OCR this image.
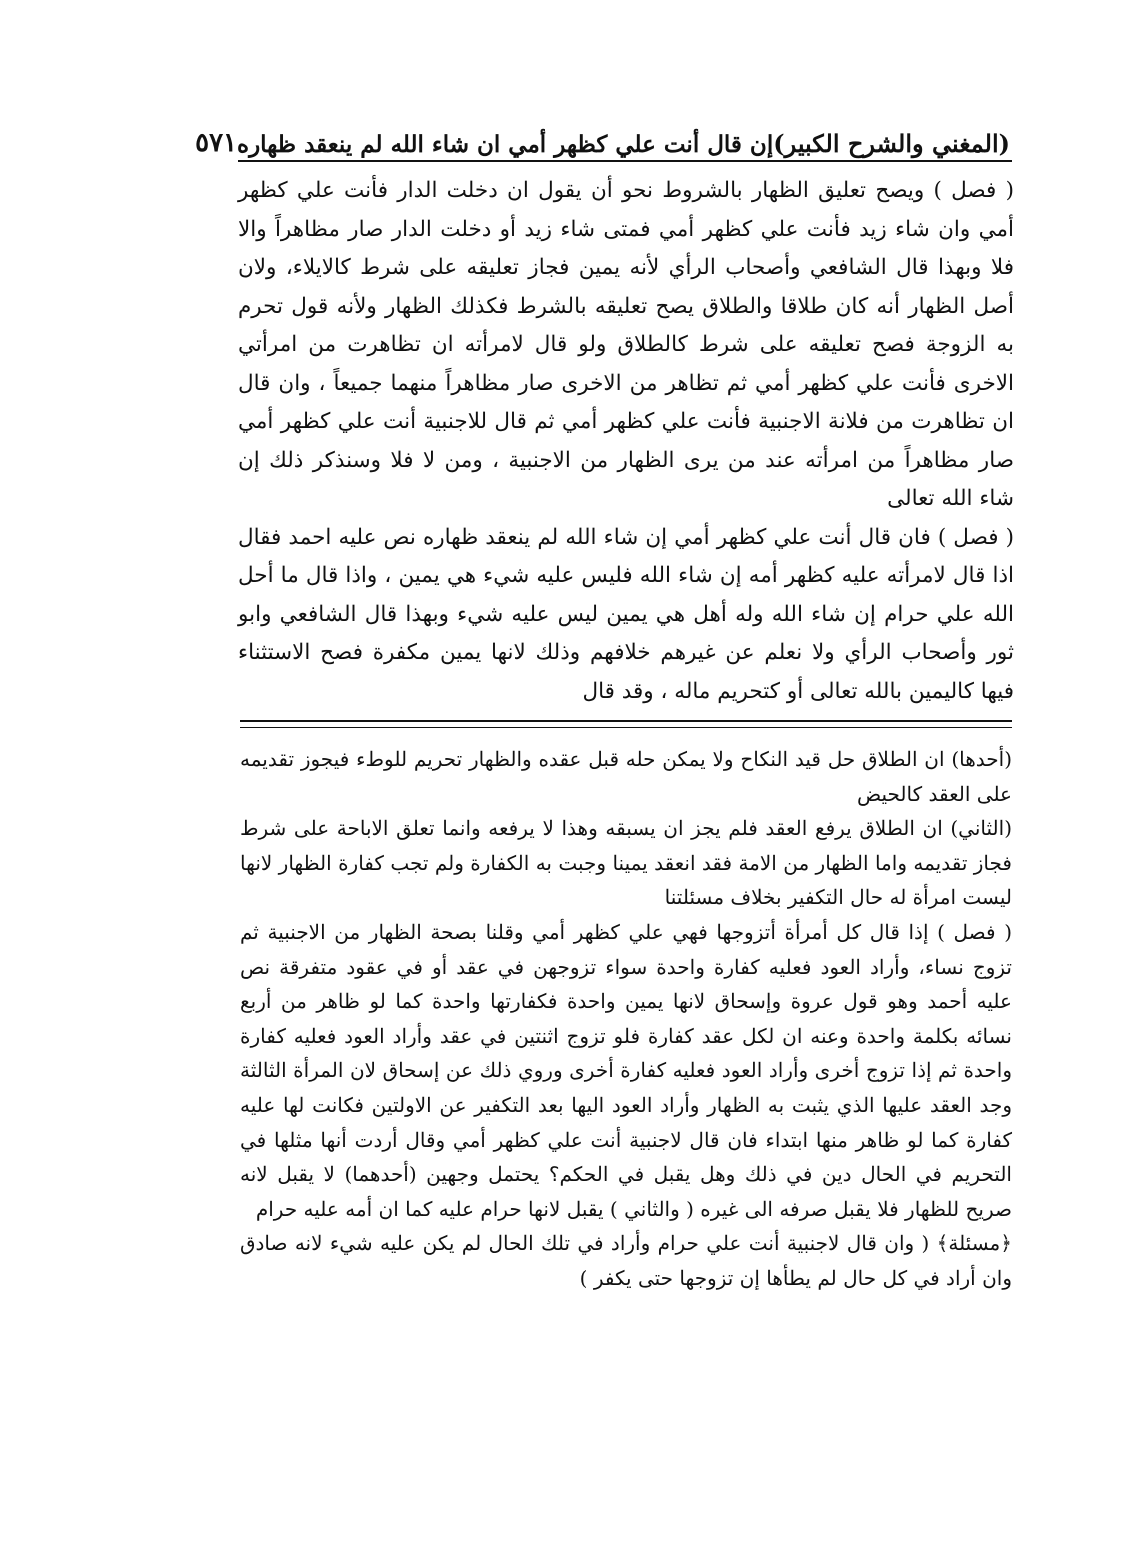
(المغني والشرح الكبير)
إن قال أنت علي كظهر أمي ان شاء الله لم ينعقد ظهاره
٥٧١

( فصل ) ويصح تعليق الظهار بالشروط نحو أن يقول ان دخلت الدار فأنت علي كظهر أمي وان شاء زيد فأنت علي كظهر أمي فمتى شاء زيد أو دخلت الدار صار مظاهراً والا فلا وبهذا قال الشافعي وأصحاب الرأي لأنه يمين فجاز تعليقه على شرط كالايلاء، ولان أصل الظهار أنه كان طلاقا والطلاق يصح تعليقه بالشرط فكذلك الظهار ولأنه قول تحرم به الزوجة فصح تعليقه على شرط كالطلاق ولو قال لامرأته ان تظاهرت من امرأتي الاخرى فأنت علي كظهر أمي ثم تظاهر من الاخرى صار مظاهراً منهما جميعاً ، وان قال ان تظاهرت من فلانة الاجنبية فأنت علي كظهر أمي ثم قال للاجنبية أنت علي كظهر أمي صار مظاهراً من امرأته عند من يرى الظهار من الاجنبية ، ومن لا فلا وسنذكر ذلك إن شاء الله تعالى

( فصل ) فان قال أنت علي كظهر أمي إن شاء الله لم ينعقد ظهاره نص عليه احمد فقال اذا قال لامرأته عليه كظهر أمه إن شاء الله فليس عليه شيء هي يمين ، واذا قال ما أحل الله علي حرام إن شاء الله وله أهل هي يمين ليس عليه شيء وبهذا قال الشافعي وابو ثور وأصحاب الرأي ولا نعلم عن غيرهم خلافهم وذلك لانها يمين مكفرة فصح الاستثناء فيها كاليمين بالله تعالى أو كتحريم ماله ، وقد قال

(أحدها) ان الطلاق حل قيد النكاح ولا يمكن حله قبل عقده والظهار تحريم للوطء فيجوز تقديمه على العقد كالحيض

(الثاني) ان الطلاق يرفع العقد فلم يجز ان يسبقه وهذا لا يرفعه وانما تعلق الاباحة على شرط فجاز تقديمه واما الظهار من الامة فقد انعقد يمينا وجبت به الكفارة ولم تجب كفارة الظهار لانها ليست امرأة له حال التكفير بخلاف مسئلتنا

( فصل ) إذا قال كل أمرأة أتزوجها فهي علي كظهر أمي وقلنا بصحة الظهار من الاجنبية ثم تزوج نساء، وأراد العود فعليه كفارة واحدة سواء تزوجهن في عقد أو في عقود متفرقة نص عليه أحمد وهو قول عروة وإسحاق لانها يمين واحدة فكفارتها واحدة كما لو ظاهر من أربع نسائه بكلمة واحدة وعنه ان لكل عقد كفارة فلو تزوج اثنتين في عقد وأراد العود فعليه كفارة واحدة ثم إذا تزوج أخرى وأراد العود فعليه كفارة أخرى وروي ذلك عن إسحاق لان المرأة الثالثة وجد العقد عليها الذي يثبت به الظهار وأراد العود اليها بعد التكفير عن الاولتين فكانت لها عليه كفارة كما لو ظاهر منها ابتداء فان قال لاجنبية أنت علي كظهر أمي وقال أردت أنها مثلها في التحريم في الحال دين في ذلك وهل يقبل في الحكم؟ يحتمل وجهين (أحدهما) لا يقبل لانه صريح للظهار فلا يقبل صرفه الى غيره ( والثاني ) يقبل لانها حرام عليه كما ان أمه عليه حرام

﴿مسئلة﴾ ( وان قال لاجنبية أنت علي حرام وأراد في تلك الحال لم يكن عليه شيء لانه صادق وان أراد في كل حال لم يطأها إن تزوجها حتى يكفر )
